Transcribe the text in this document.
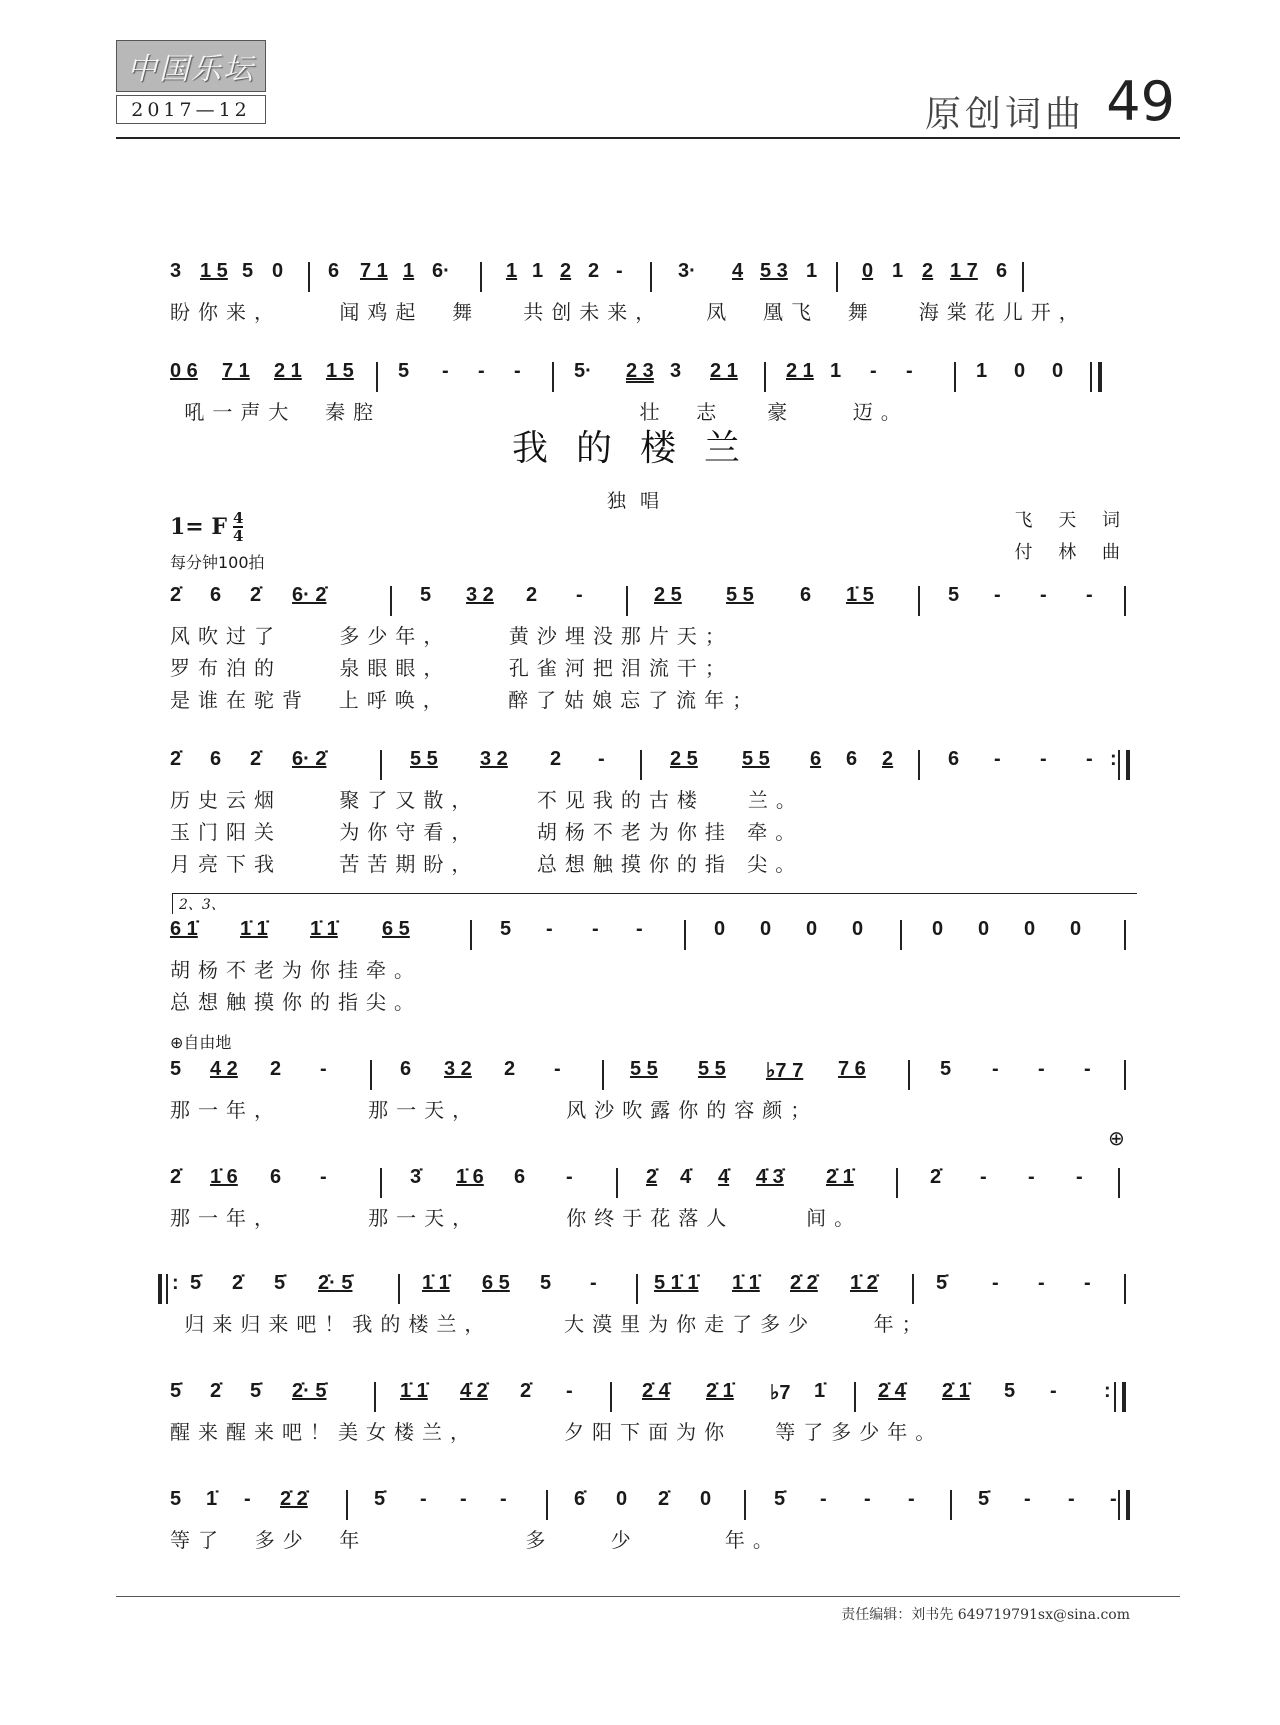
中国乐坛
2017—12	原创词曲 49
3 1 5 5 0 6 7 1 1 6·	1 1 2 2 -	3· 4 5 3 1 0 1 2 1 7 6
盼你来，    闻鸡起  舞   共创未来，   凤  凰飞  舞   海棠花儿开，
0 6 7 1 2 1 1 5 5 - - -	5· 2 3 3 2 1 2 1 1 - -	1 0 0
吼一声大  秦腔                  壮  志   豪    迈。
我的楼兰
独唱
1= F $\frac{4}{4}$
每分钟100拍
飞 天 词
付 林 曲
2̇ 6 2̇ 6· 2̇	5 3 2 2 -	2 5 5 5 6 1̇ 5	5 - - -
风吹过了    多少年，    黄沙埋没那片天；
罗布泊的    泉眼眼，    孔雀河把泪流干；
是谁在驼背  上呼唤，    醉了姑娘忘了流年；
2̇ 6 2̇ 6· 2̇	5 5 3 2 2 -	2 5 5 5 6 6 2	6 - - - :
历史云烟    聚了又散，    不见我的古楼   兰。
玉门阳关    为你守看，    胡杨不老为你挂 牵。
月亮下我    苦苦期盼，    总想触摸你的指 尖。
2、3、
6 1̇ 1̇ 1̇ 1̇ 1̇ 6 5	5 - - -	0 0 0 0	0 0 0 0
胡杨不老为你挂牵。
总想触摸你的指尖。
⊕自由地
5 4 2 2 -	6 3 2 2 -	5 5 5 5 ♭7 7 7 6	5 - - -
那一年，      那一天，      风沙吹露你的容颜；
⊕
2̇ 1̇ 6 6 -	3̇ 1̇ 6 6 -	2̇ 4̇ 4̇ 4̇ 3̇ 2̇ 1̇	2̇ - - -
那一年，      那一天，      你终于花落人     间。
: 5̇ 2̇ 5̇ 2̇· 5̇	1̇ 1̇ 6 5 5 -	5 1̇ 1̇ 1̇ 1̇ 2̇ 2̇ 1̇ 2̇	5̇ - - -
归来归来吧！我的楼兰，     大漠里为你走了多少    年；
5̇ 2̇ 5̇ 2̇· 5̇	1̇ 1̇ 4̇ 2̇ 2̇ -	2̇ 4̇ 2̇ 1̇ ♭7 1̇	2̇ 4̇ 2̇ 1̇ 5 - :
醒来醒来吧！美女楼兰，      夕阳下面为你   等了多少年。
5 1̇ - 2̇ 2̇	5̇ - - -	6̇ 0 2̇ 0	5̇ - - -	5̇ - - -
等了  多少  年           多    少      年。
责任编辑：刘书先 649719791sx@sina.com
